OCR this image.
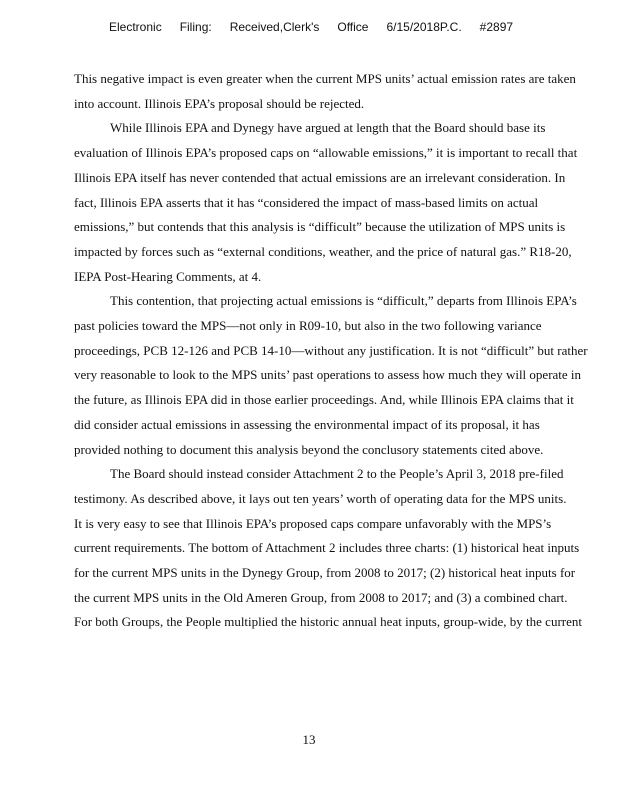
Electronic Filing: Received,Clerk's Office 6/15/2018P.C. #2897

This negative impact is even greater when the current MPS units’ actual emission rates are taken
into account. Illinois EPA’s proposal should be rejected.

While Illinois EPA and Dynegy have argued at length that the Board should base its
evaluation of Illinois EPA’s proposed caps on “allowable emissions,” it is important to recall that
Illinois EPA itself has never contended that actual emissions are an irrelevant consideration. In
fact, Illinois EPA asserts that it has “considered the impact of mass-based limits on actual
emissions,” but contends that this analysis is “difficult” because the utilization of MPS units is
impacted by forces such as “external conditions, weather, and the price of natural gas.” R18-20,
IEPA Post-Hearing Comments, at 4.

This contention, that projecting actual emissions is “difficult,” departs from Illinois EPA’s
past policies toward the MPS—not only in R09-10, but also in the two following variance
proceedings, PCB 12-126 and PCB 14-10—without any justification. It is not “difficult” but rather
very reasonable to look to the MPS units’ past operations to assess how much they will operate in
the future, as Illinois EPA did in those earlier proceedings. And, while Illinois EPA claims that it
did consider actual emissions in assessing the environmental impact of its proposal, it has
provided nothing to document this analysis beyond the conclusory statements cited above.

The Board should instead consider Attachment 2 to the People’s April 3, 2018 pre-filed
testimony. As described above, it lays out ten years’ worth of operating data for the MPS units.
It is very easy to see that Illinois EPA’s proposed caps compare unfavorably with the MPS’s
current requirements. The bottom of Attachment 2 includes three charts: (1) historical heat inputs
for the current MPS units in the Dynegy Group, from 2008 to 2017; (2) historical heat inputs for
the current MPS units in the Old Ameren Group, from 2008 to 2017; and (3) a combined chart.
For both Groups, the People multiplied the historic annual heat inputs, group-wide, by the current

13
